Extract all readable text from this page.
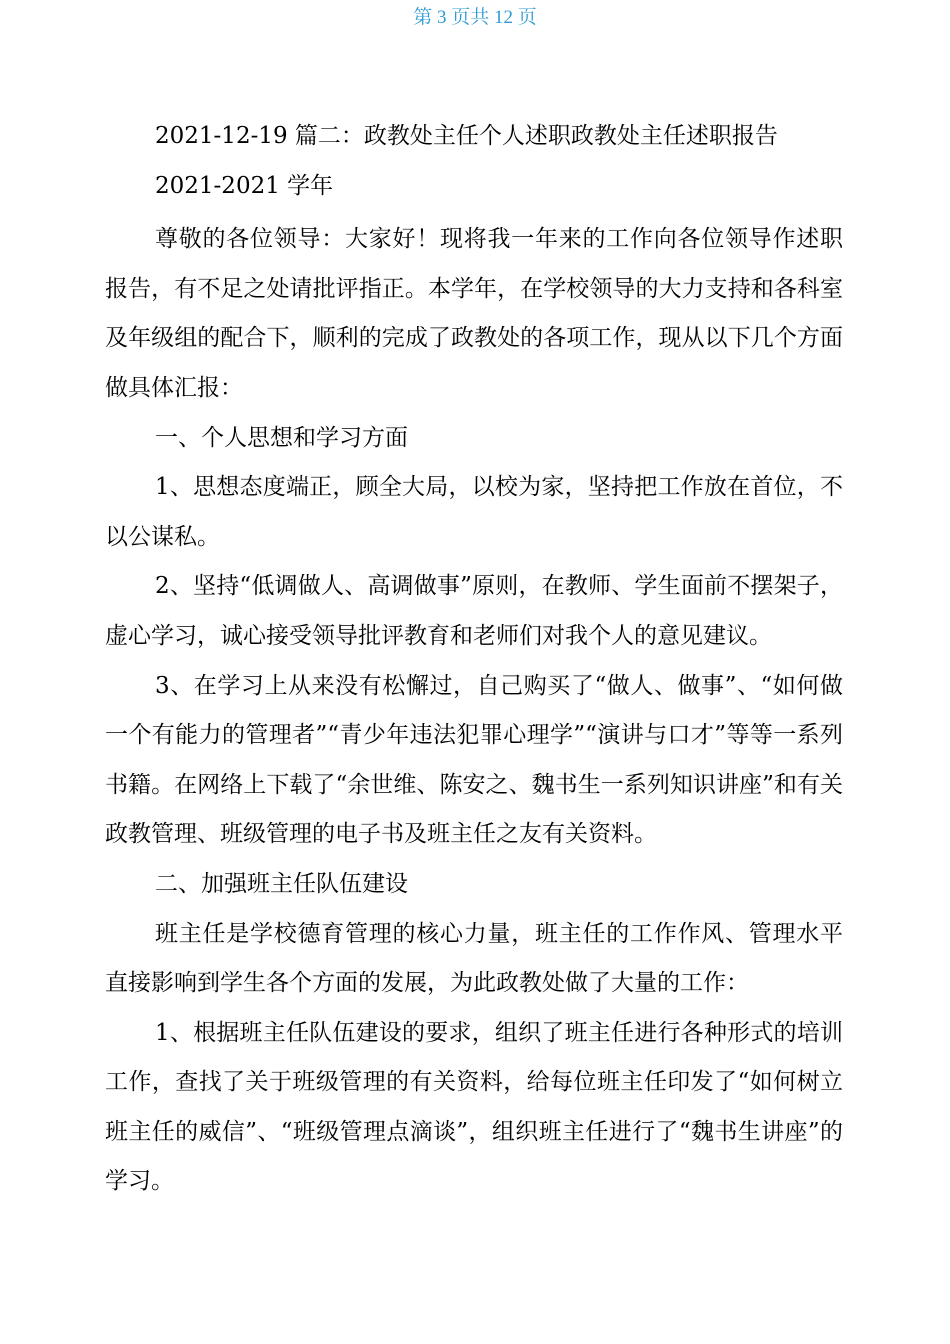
第 3 页共 12 页

2021-12-19 篇二：政教处主任个人述职政教处主任述职报告

2021-2021 学年

尊敬的各位领导：大家好！现将我一年来的工作向各位领导作述职报告，有不足之处请批评指正。本学年，在学校领导的大力支持和各科室及年级组的配合下，顺利的完成了政教处的各项工作，现从以下几个方面做具体汇报：

一、个人思想和学习方面

1、思想态度端正，顾全大局，以校为家，坚持把工作放在首位，不以公谋私。

2、坚持“低调做人、高调做事”原则，在教师、学生面前不摆架子，虚心学习，诚心接受领导批评教育和老师们对我个人的意见建议。

3、在学习上从来没有松懈过，自己购买了“做人、做事”、“如何做一个有能力的管理者”“青少年违法犯罪心理学”“演讲与口才”等等一系列书籍。在网络上下载了“余世维、陈安之、魏书生一系列知识讲座”和有关政教管理、班级管理的电子书及班主任之友有关资料。

二、加强班主任队伍建设

班主任是学校德育管理的核心力量，班主任的工作作风、管理水平直接影响到学生各个方面的发展，为此政教处做了大量的工作：

1、根据班主任队伍建设的要求，组织了班主任进行各种形式的培训工作，查找了关于班级管理的有关资料，给每位班主任印发了“如何树立班主任的威信”、“班级管理点滴谈”，组织班主任进行了“魏书生讲座”的学习。
